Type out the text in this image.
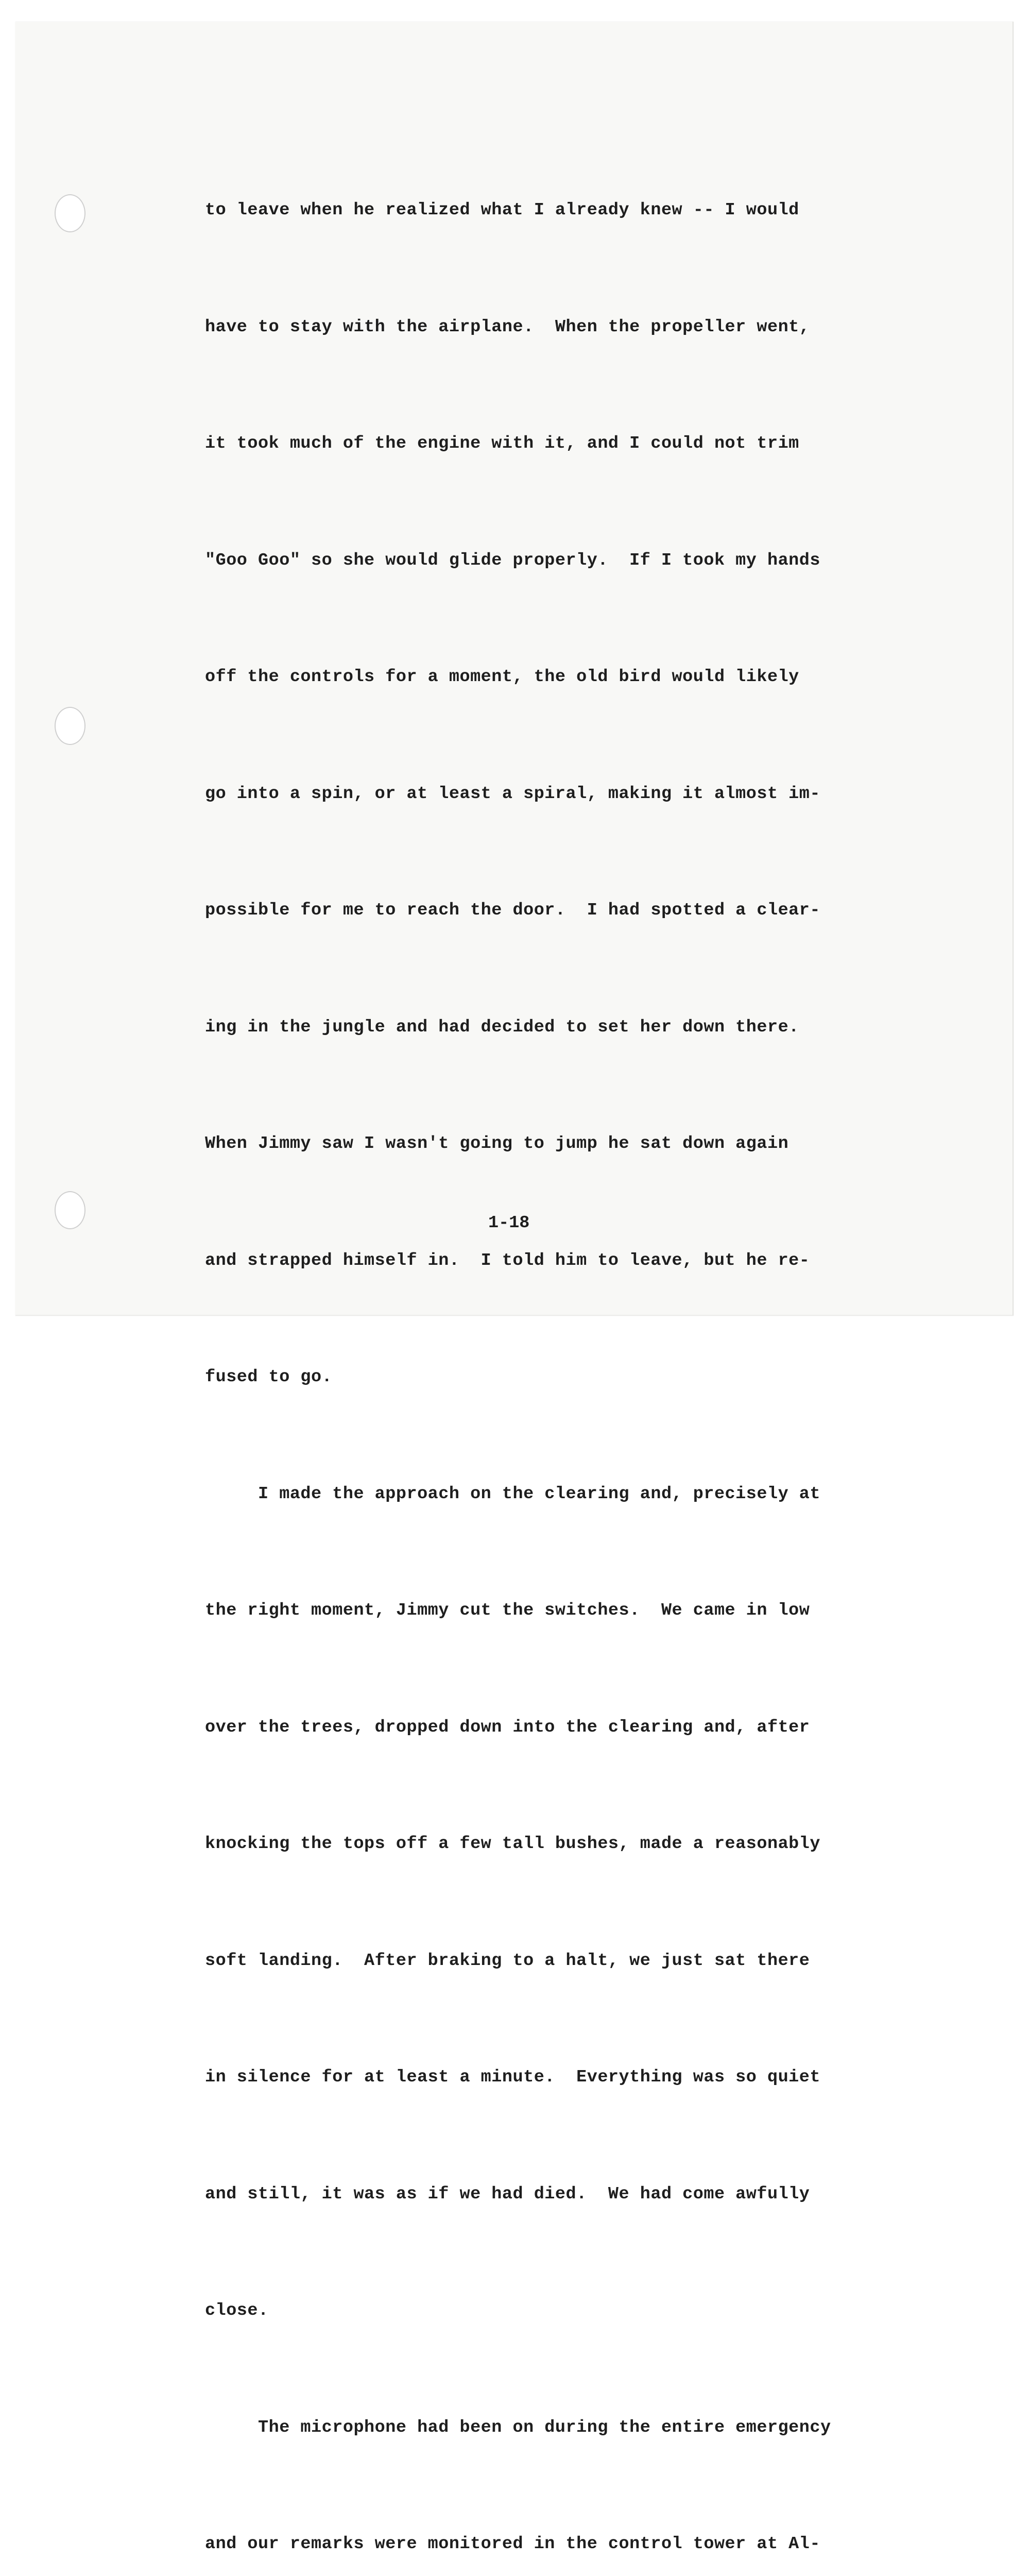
to leave when he realized what I already knew -- I would

have to stay with the airplane.  When the propeller went,

it took much of the engine with it, and I could not trim

"Goo Goo" so she would glide properly.  If I took my hands

off the controls for a moment, the old bird would likely

go into a spin, or at least a spiral, making it almost im-

possible for me to reach the door.  I had spotted a clear-

ing in the jungle and had decided to set her down there.

When Jimmy saw I wasn't going to jump he sat down again

and strapped himself in.  I told him to leave, but he re-

fused to go.

I made the approach on the clearing and, precisely at

the right moment, Jimmy cut the switches.  We came in low

over the trees, dropped down into the clearing and, after

knocking the tops off a few tall bushes, made a reasonably

soft landing.  After braking to a halt, we just sat there

in silence for at least a minute.  Everything was so quiet

and still, it was as if we had died.  We had come awfully

close.

The microphone had been on during the entire emergency

and our remarks were monitored in the control tower at Al-

1-18
